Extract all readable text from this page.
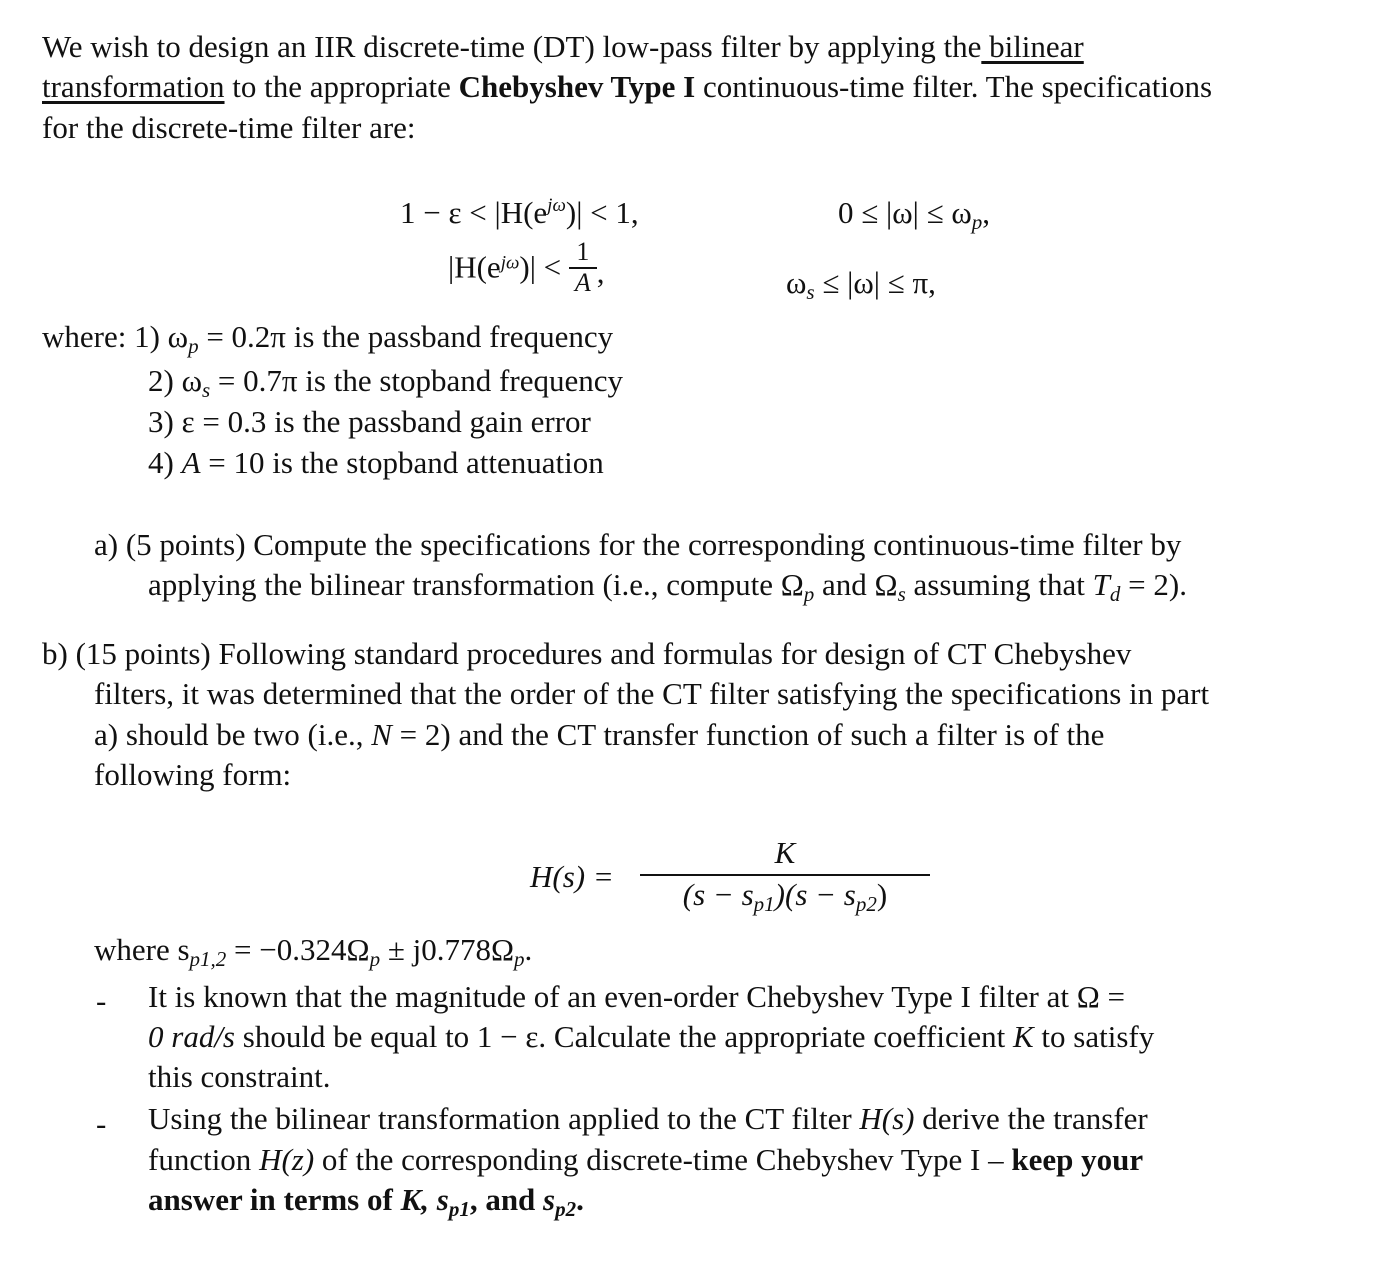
We wish to design an IIR discrete-time (DT) low-pass filter by applying the bilinear
transformation to the appropriate Chebyshev Type I continuous-time filter. The specifications
for the discrete-time filter are:
$1 - \varepsilon < |H(e^{j\omega})| < 1$,	$0 \le |\omega| \le \omega_p$,
$|H(e^{j\omega})| < \frac{1}{A}$ ,	$\omega_s \le |\omega| \le \pi$,
where: 1) $\omega_p = 0.2\pi$ is the passband frequency
2) $\omega_s = 0.7\pi$ is the stopband frequency
3) ε = 0.3 is the passband gain error
4) A = 10 is the stopband attenuation
a) (5 points) Compute the specifications for the corresponding continuous-time filter by
applying the bilinear transformation (i.e., compute $\Omega_p$ and $\Omega_s$ assuming that $T_d = 2$).
b) (15 points) Following standard procedures and formulas for design of CT Chebyshev
filters, it was determined that the order of the CT filter satisfying the specifications in part
a) should be two (i.e., N = 2) and the CT transfer function of such a filter is of the
following form:
$H(s) = \frac{K}{(s - s_{p1})(s - s_{p2})}$
where $s_{p1,2} = -0.324\Omega_p \pm j0.778\Omega_p$.
- It is known that the magnitude of an even-order Chebyshev Type I filter at Ω =
0 rad/s should be equal to 1 − ε. Calculate the appropriate coefficient K to satisfy
this constraint.
- Using the bilinear transformation applied to the CT filter H(s) derive the transfer
function H(z) of the corresponding discrete-time Chebyshev Type I – keep your
answer in terms of K, $s_{p1}$, and $s_{p2}$.
